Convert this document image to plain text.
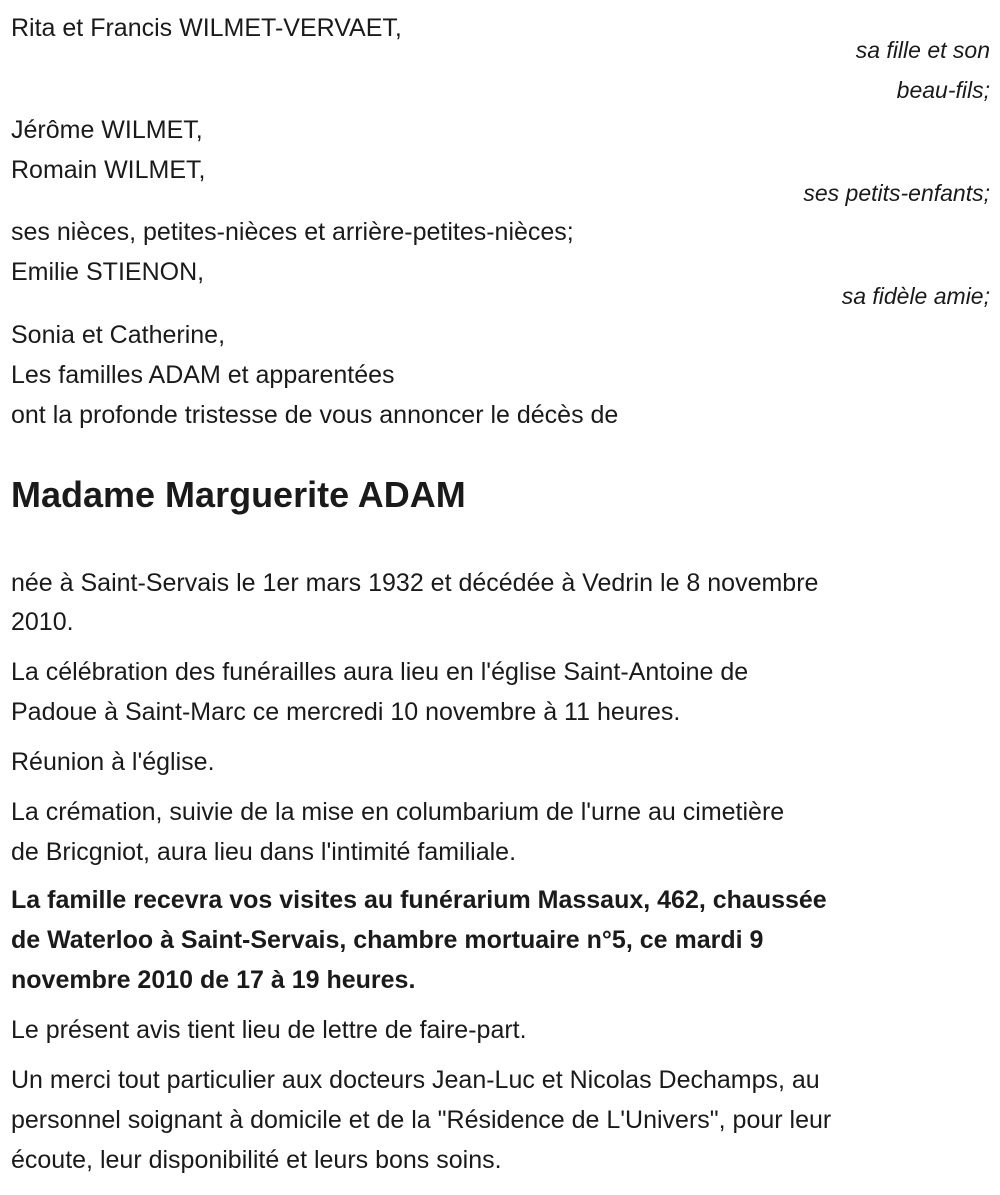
Rita et Francis WILMET-VERVAET,
sa fille et son
beau-fils;
Jérôme WILMET,
Romain WILMET,
ses petits-enfants;
ses nièces, petites-nièces et arrière-petites-nièces;
Emilie STIENON,
sa fidèle amie;
Sonia et Catherine,
Les familles ADAM et apparentées
ont la profonde tristesse de vous annoncer le décès de
Madame Marguerite ADAM
née à Saint-Servais le 1er mars 1932 et décédée à Vedrin le 8 novembre
2010.
La célébration des funérailles aura lieu en l'église Saint-Antoine de
Padoue à Saint-Marc ce mercredi 10 novembre à 11 heures.
Réunion à l'église.
La crémation, suivie de la mise en columbarium de l'urne au cimetière
de Bricgniot, aura lieu dans l'intimité familiale.
La famille recevra vos visites au funérarium Massaux, 462, chaussée
de Waterloo à Saint-Servais, chambre mortuaire n°5, ce mardi 9
novembre 2010 de 17 à 19 heures.
Le présent avis tient lieu de lettre de faire-part.
Un merci tout particulier aux docteurs Jean-Luc et Nicolas Dechamps, au
personnel soignant à domicile et de la "Résidence de L'Univers", pour leur
écoute, leur disponibilité et leurs bons soins.
